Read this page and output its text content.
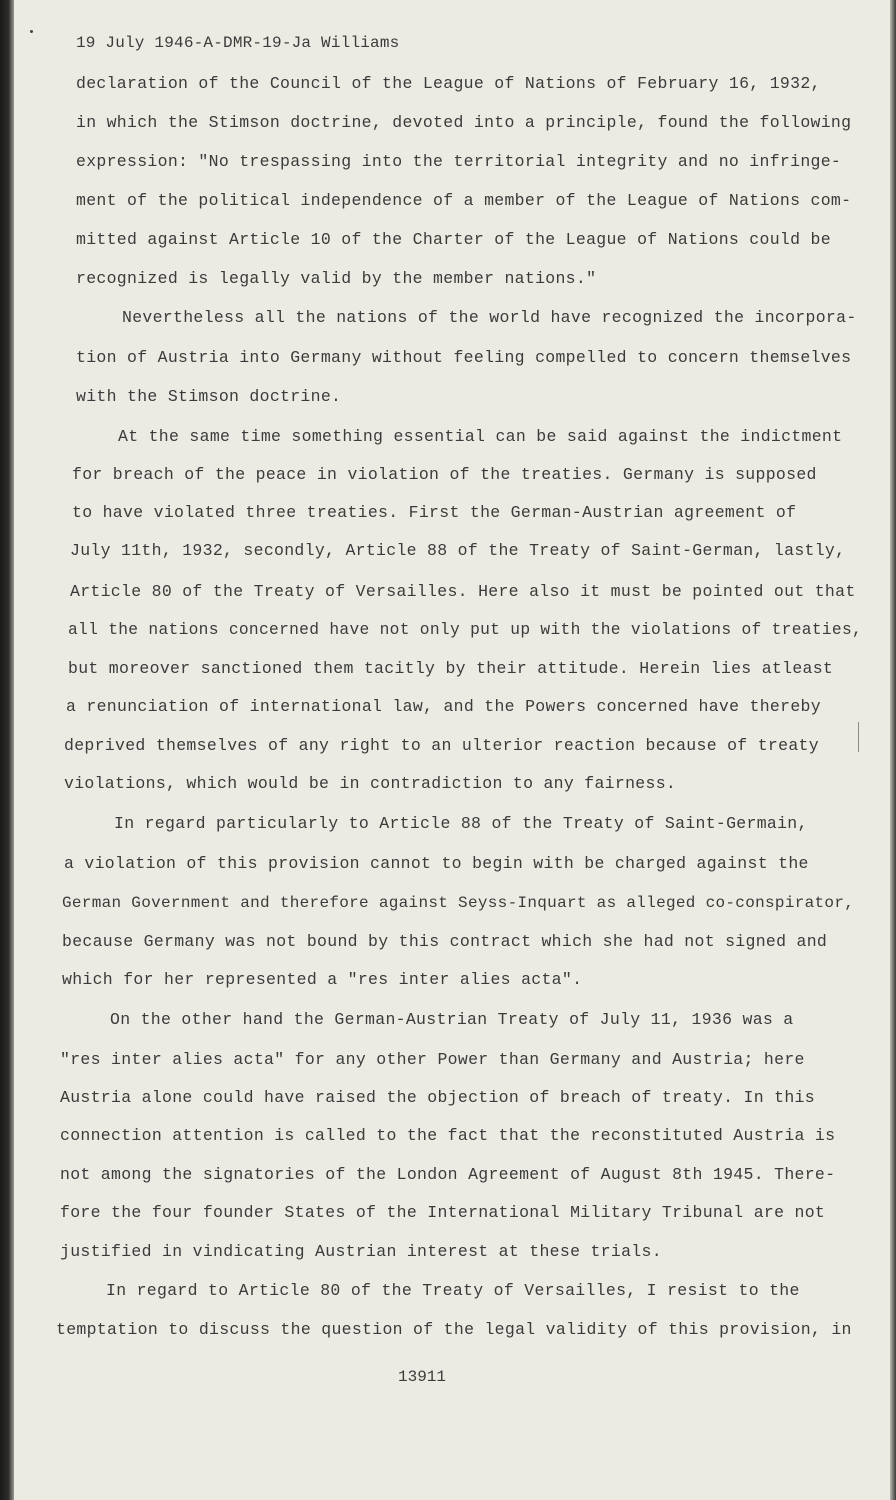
19 July 1946-A-DMR-19-Ja Williams
declaration of the Council of the League of Nations of February 16, 1932,
in which the Stimson doctrine, devoted into a principle, found the following
expression: "No trespassing into the territorial integrity and no infringe-
ment of the political independence of a member of the League of Nations com-
mitted against Article 10 of the Charter of the League of Nations could be
recognized is legally valid by the member nations."
Nevertheless all the nations of the world have recognized the incorpora-
tion of Austria into Germany without feeling compelled to concern themselves
with the Stimson doctrine.
At the same time something essential can be said against the indictment
for breach of the peace in violation of the treaties. Germany is supposed
to have violated three treaties. First the German-Austrian agreement of
July 11th, 1932, secondly, Article 88 of the Treaty of Saint-German, lastly,
Article 80 of the Treaty of Versailles. Here also it must be pointed out that
all the nations concerned have not only put up with the violations of treaties,
but moreover sanctioned them tacitly by their attitude. Herein lies atleast
a renunciation of international law, and the Powers concerned have thereby
deprived themselves of any right to an ulterior reaction because of treaty
violations, which would be in contradiction to any fairness.
In regard particularly to Article 88 of the Treaty of Saint-Germain,
a violation of this provision cannot to begin with be charged against the
German Government and therefore against Seyss-Inquart as alleged co-conspirator,
because Germany was not bound by this contract which she had not signed and
which for her represented a "res inter alies acta".
On the other hand the German-Austrian Treaty of July 11, 1936 was a
"res inter alies acta" for any other Power than Germany and Austria; here
Austria alone could have raised the objection of breach of treaty. In this
connection attention is called to the fact that the reconstituted Austria is
not among the signatories of the London Agreement of August 8th 1945. There-
fore the four founder States of the International Military Tribunal are not
justified in vindicating Austrian interest at these trials.
In regard to Article 80 of the Treaty of Versailles, I resist to the
temptation to discuss the question of the legal validity of this provision, in
13911
